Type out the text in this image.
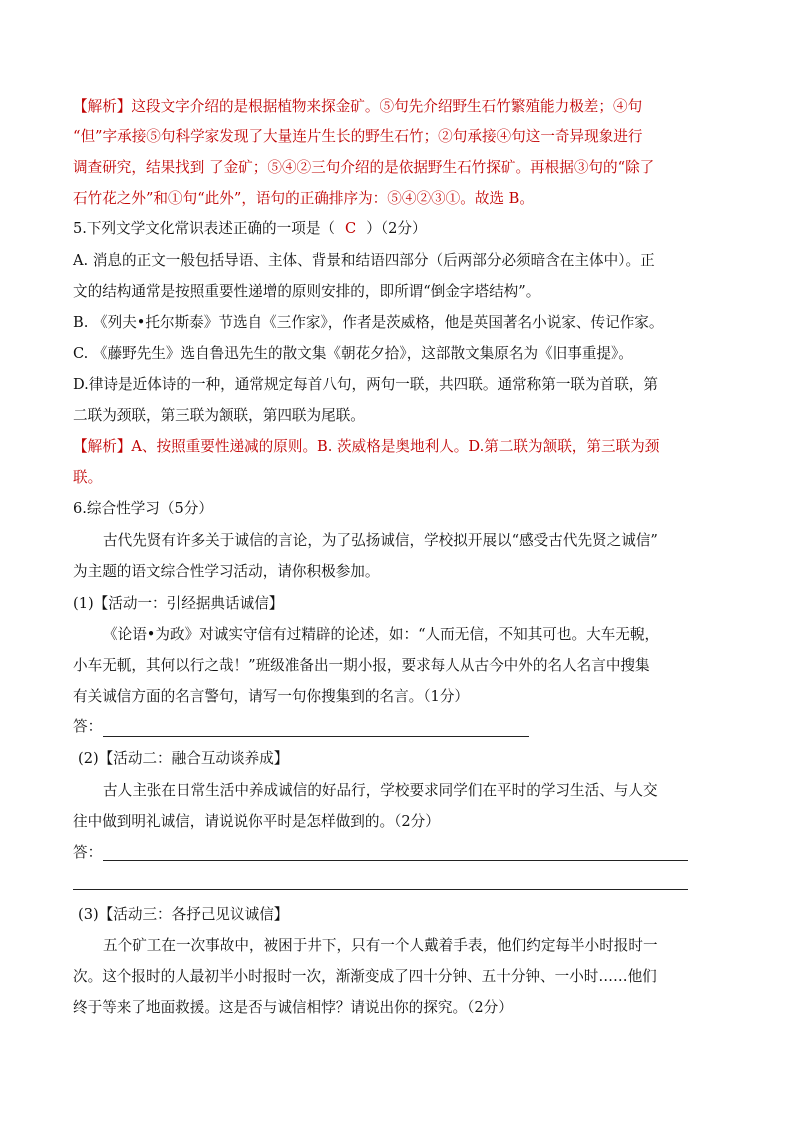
【解析】这段文字介绍的是根据植物来探金矿。⑤句先介绍野生石竹繁殖能力极差；④句
“但”字承接⑤句科学家发现了大量连片生长的野生石竹；②句承接④句这一奇异现象进行
调查研究，结果找到 了金矿；⑤④②三句介绍的是依据野生石竹探矿。再根据③句的“除了
石竹花之外”和①句“此外”，语句的正确排序为：⑤④②③①。故选 B。
5.下列文学文化常识表述正确的一项是（ C ）（2分）
A. 消息的正文一般包括导语、主体、背景和结语四部分（后两部分必须暗含在主体中）。正
文的结构通常是按照重要性递增的原则安排的，即所谓“倒金字塔结构”。
B. 《列夫•托尔斯泰》节选自《三作家》，作者是茨威格，他是英国著名小说家、传记作家。
C. 《藤野先生》选自鲁迅先生的散文集《朝花夕拾》，这部散文集原名为《旧事重提》。
D.律诗是近体诗的一种，通常规定每首八句，两句一联，共四联。通常称第一联为首联，第
二联为颈联，第三联为颔联，第四联为尾联。
【解析】A、按照重要性递减的原则。B. 茨威格是奥地利人。D.第二联为颔联，第三联为颈
联。
6.综合性学习（5分）
古代先贤有许多关于诚信的言论，为了弘扬诚信，学校拟开展以“感受古代先贤之诚信”
为主题的语文综合性学习活动，请你积极参加。
(1)【活动一：引经据典话诚信】
《论语•为政》对诚实守信有过精辟的论述，如：“人而无信，不知其可也。大车无輗，
小车无軏，其何以行之哉！”班级准备出一期小报，要求每人从古今中外的名人名言中搜集
有关诚信方面的名言警句，请写一句你搜集到的名言。（1分）
答：
(2)【活动二：融合互动谈养成】
古人主张在日常生活中养成诚信的好品行，学校要求同学们在平时的学习生活、与人交
往中做到明礼诚信，请说说你平时是怎样做到的。（2分）
答：
(3)【活动三：各抒己见议诚信】
五个矿工在一次事故中，被困于井下，只有一个人戴着手表，他们约定每半小时报时一
次。这个报时的人最初半小时报时一次，渐渐变成了四十分钟、五十分钟、一小时……他们
终于等来了地面救援。这是否与诚信相悖？请说出你的探究。（2分）
